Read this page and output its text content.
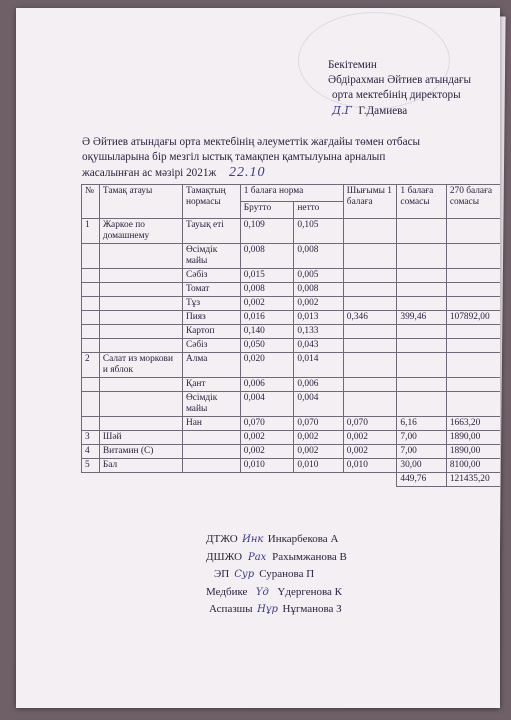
Бекітемин
Әбдірахман Әйтиев атындағы
орта мектебінің директоры
Д.Г Г.Дамиева
Ә Әйтиев атындағы орта мектебінің әлеуметтік жағдайы төмен отбасы оқушыларына бір мезгіл ыстық тамақпен қамтылуына арналып жасалынған ас мәзірі 2021ж 22.10
№	Тамақ атауы	Тамақтың нормасы	1 балаға норма		Шығымы 1 балаға	1 балаға сомасы	270 балаға сомасы
			Брутто	нетто			
1	Жаркое по домашнему	Тауық еті	0,109	0,105			
		Өсімдік майы	0,008	0,008			
		Сәбіз	0,015	0,005			
		Томат	0,008	0,008			
		Тұз	0,002	0,002			
		Пияз	0,016	0,013	0,346	399,46	107892,00
		Картоп	0,140	0,133			
		Сәбіз	0,050	0,043			
2	Салат из моркови и яблок	Алма	0,020	0,014			
		Қант	0,006	0,006			
		Өсімдік майы	0,004	0,004			
		Нан	0,070	0,070	0,070	6,16	1663,20
3	Шәй		0,002	0,002	0,002	7,00	1890,00
4	Витамин (С)		0,002	0,002	0,002	7,00	1890,00
5	Бал		0,010	0,010	0,010	30,00	8100,00
						449,76	121435,20
ДТЖО Инк Инкарбекова А
ДШЖО Рах Рахымжанова В
ЭП Сур Суранова П
Медбике Үд Үдергенова К
Аспазшы Нұр Нұгманова З
